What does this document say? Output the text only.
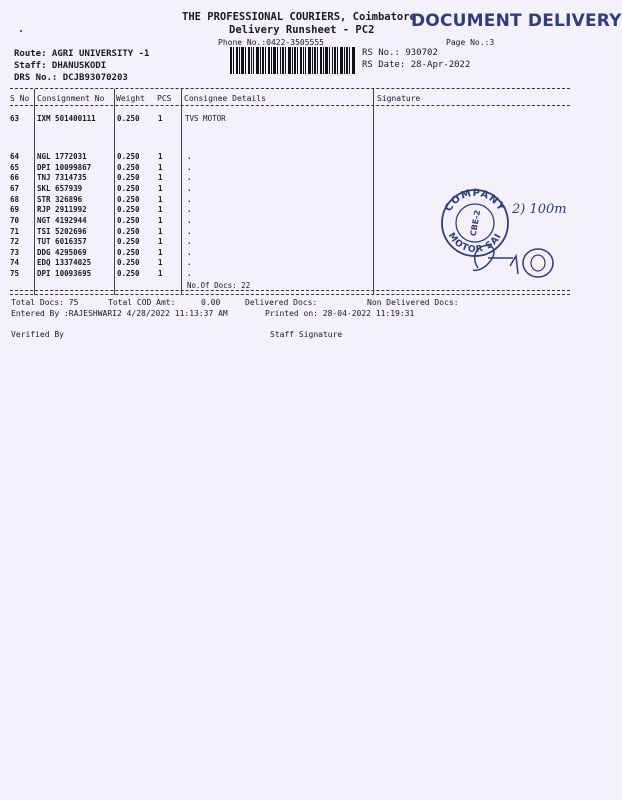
THE PROFESSIONAL COURIERS, Coimbatore
DOCUMENT DELIVERY
Delivery Runsheet - PC2
Phone No.:0422-3505555	Page No.:3
Route: AGRI UNIVERSITY -1
Staff: DHANUSKODI
DRS No.: DCJB93070203
RS No.: 930702
RS Date: 28-Apr-2022
S No Consignment No Weight PCS Consignee Details	Signature
63 IXM 501400111	0.250 1	TVS MOTOR
64 NGL 1772031	0.250 1	.
65 DPI 10099867	0.250 1	.
66 TNJ 7314735	0.250 1	.
67 SKL 657939	0.250 1	.
68 STR 326896	0.250 1	.
69 RJP 2911992	0.250 1	.
70 NGT 4192944	0.250 1	.
71 TSI 5202696	0.250 1	.
72 TUT 6016357	0.250 1	.
73 DDG 4295069	0.250 1	.
74 EDQ 13374025	0.250 1	.
75 DPI 10093695	0.250 1	.
No.Of Docs: 22
COMPANY
MOTOR SAI
CBE-2 2) 100m
Total Docs: 75	Total COD Amt:	0.00	Delivered Docs:	Non Delivered Docs:
Entered By :RAJESHWARI2 4/28/2022 11:13:37 AM	Printed on: 28-04-2022 11:19:31
Verified By	Staff Signature
